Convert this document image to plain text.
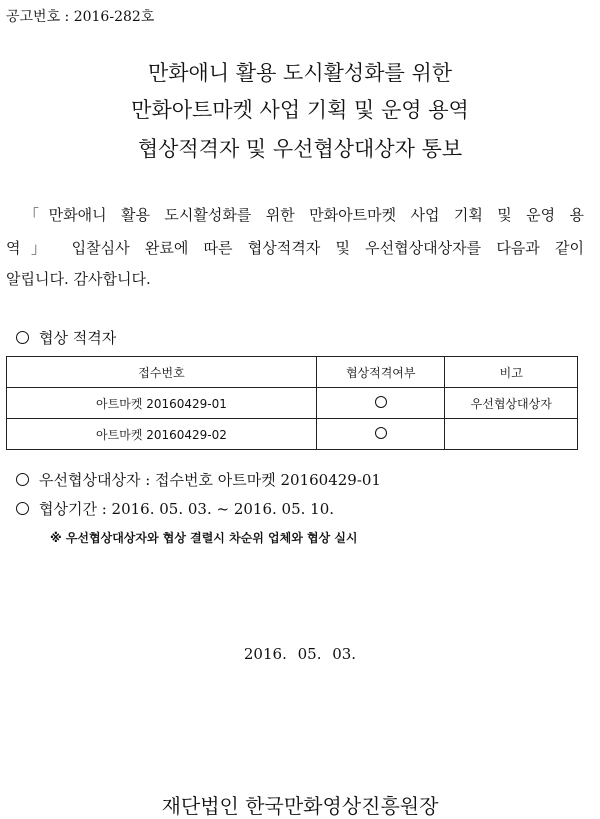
공고번호 : 2016-282호
만화애니 활용 도시활성화를 위한
만화아트마켓 사업 기획 및 운영 용역
협상적격자 및 우선협상대상자 통보
「만화애니 활용 도시활성화를 위한 만화아트마켓 사업 기획 및 운영 용
역」 입찰심사 완료에 따른 협상적격자 및 우선협상대상자를 다음과 같이
알립니다. 감사합니다.
협상 적격자
접수번호	협상적격여부	비고
아트마켓 20160429-01		우선협상대상자
아트마켓 20160429-02		
우선협상대상자 : 접수번호 아트마켓 20160429-01
협상기간 : 2016. 05. 03. ~ 2016. 05. 10.
※ 우선협상대상자와 협상 결렬시 차순위 업체와 협상 실시
2016. 05. 03.
재단법인 한국만화영상진흥원장
